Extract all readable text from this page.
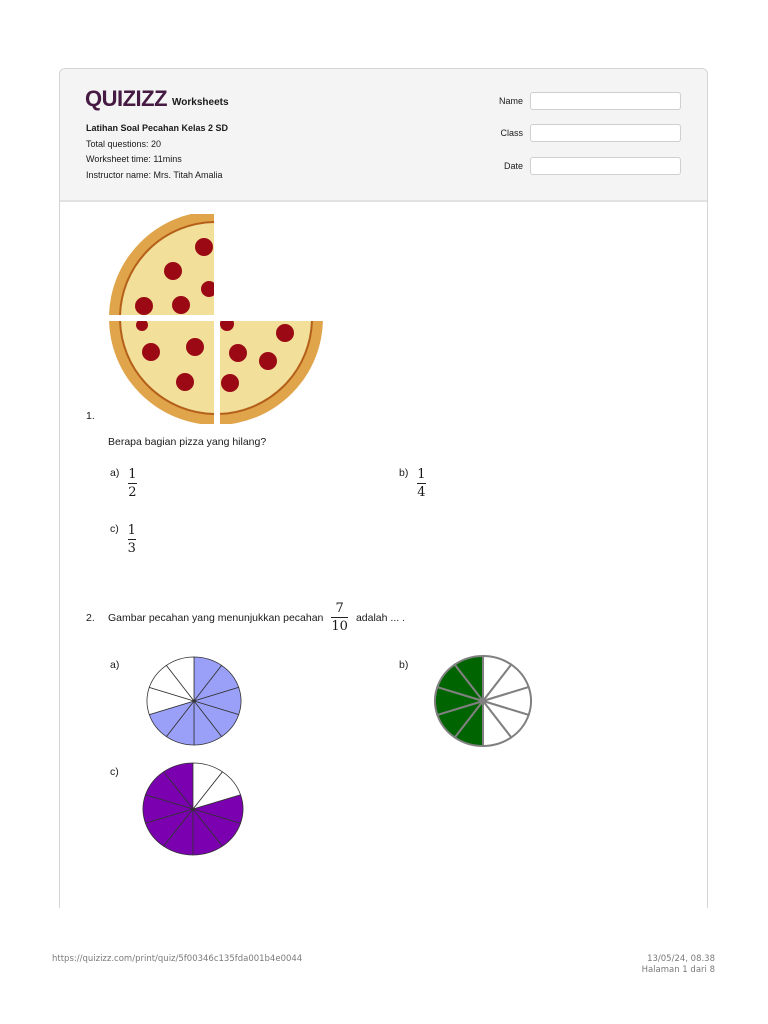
QUIZIZZ Worksheets
Latihan Soal Pecahan Kelas 2 SD
Total questions: 20
Worksheet time: 11mins
Instructor name: Mrs. Titah Amalia
Name
Class
Date
1.
Berapa bagian pizza yang hilang?
$a) \frac{1}{2}$	$b) \frac{1}{4}$
$c) \frac{1}{3}$
2.	Gambar pecahan yang menunjukkan pecahan $\frac{7}{10}$ adalah ... .
a)	b)
c)
https://quizizz.com/print/quiz/5f00346c135fda001b4e0044	13/05/24, 08.38
Halaman 1 dari 8
